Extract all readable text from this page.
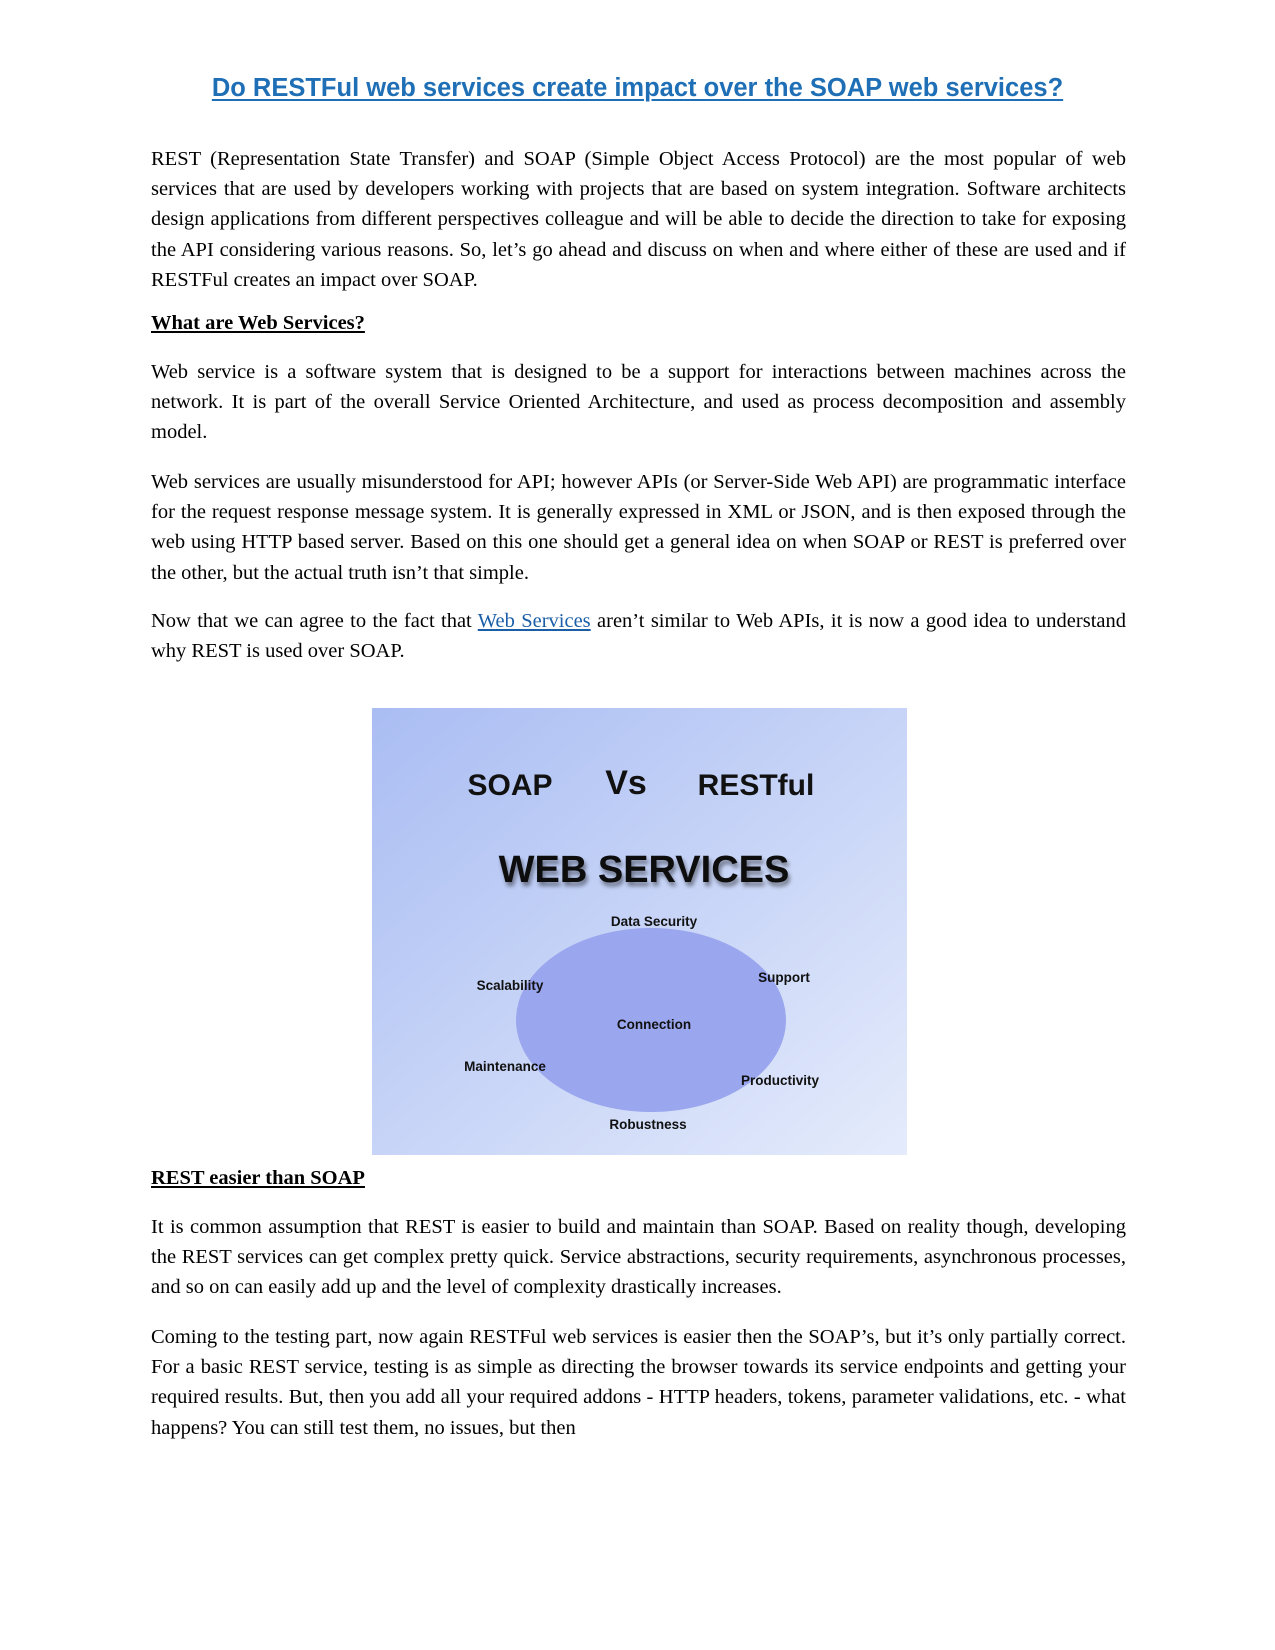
Do RESTFul web services create impact over the SOAP web services?

REST (Representation State Transfer) and SOAP (Simple Object Access Protocol) are the most popular of web services that are used by developers working with projects that are based on system integration. Software architects design applications from different perspectives colleague and will be able to decide the direction to take for exposing the API considering various reasons. So, let’s go ahead and discuss on when and where either of these are used and if RESTFul creates an impact over SOAP.

What are Web Services?

Web service is a software system that is designed to be a support for interactions between machines across the network. It is part of the overall Service Oriented Architecture, and used as process decomposition and assembly model.

Web services are usually misunderstood for API; however APIs (or Server-Side Web API) are programmatic interface for the request response message system. It is generally expressed in XML or JSON, and is then exposed through the web using HTTP based server. Based on this one should get a general idea on when SOAP or REST is preferred over the other, but the actual truth isn’t that simple.

Now that we can agree to the fact that Web Services aren’t similar to Web APIs, it is now a good idea to understand why REST is used over SOAP.

SOAP Vs RESTful
WEB SERVICES
Connection
Data Security
Scalability
Support
Maintenance
Productivity
Robustness

REST easier than SOAP

It is common assumption that REST is easier to build and maintain than SOAP. Based on reality though, developing the REST services can get complex pretty quick. Service abstractions, security requirements, asynchronous processes, and so on can easily add up and the level of complexity drastically increases.

Coming to the testing part, now again RESTFul web services is easier then the SOAP’s, but it’s only partially correct. For a basic REST service, testing is as simple as directing the browser towards its service endpoints and getting your required results. But, then you add all your required addons - HTTP headers, tokens, parameter validations, etc. - what happens? You can still test them, no issues, but then
